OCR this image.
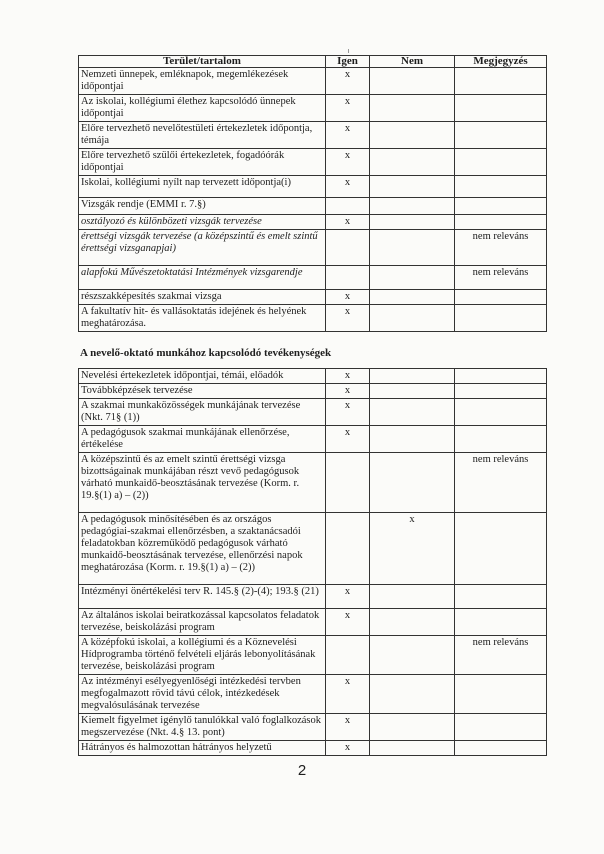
Terület/tartalom	Igen	Nem	Megjegyzés
Nemzeti ünnepek, emléknapok, megemlékezések időpontjai	x		
Az iskolai, kollégiumi élethez kapcsolódó ünnepek időpontjai	x		
Előre tervezhető nevelőtestületi értekezletek időpontja, témája	x		
Előre tervezhető szülői értekezletek, fogadóórák időpontjai	x		
Iskolai, kollégiumi nyílt nap tervezett időpontja(i)	x		
Vizsgák rendje (EMMI r. 7.§)			
osztályozó és különbözeti vizsgák tervezése	x		
érettségi vizsgák tervezése (a középszintű és emelt szintű érettségi vizsganapjai)			nem releváns
alapfokú Művészetoktatási Intézmények vizsgarendje			nem releváns
részszakképesítés szakmai vizsga	x		
A fakultatív hit- és vallásoktatás idejének és helyének meghatározása.	x		
A nevelő-oktató munkához kapcsolódó tevékenységek
Nevelési értekezletek időpontjai, témái, előadók	x		
Továbbképzések tervezése	x		
A szakmai munkaközösségek munkájának tervezése (Nkt. 71§ (1))	x		
A pedagógusok szakmai munkájának ellenőrzése, értékelése	x		
A középszintű és az emelt szintű érettségi vizsga bizottságainak munkájában részt vevő pedagógusok várható munkaidő-beosztásának tervezése (Korm. r. 19.§(1) a) – (2))			nem releváns
A pedagógusok minősítésében és az országos pedagógiai-szakmai ellenőrzésben, a szaktanácsadói feladatokban közreműködő pedagógusok várható munkaidő-beosztásának tervezése, ellenőrzési napok meghatározása (Korm. r. 19.§(1) a) – (2))		x	
Intézményi önértékelési terv R. 145.§ (2)-(4); 193.§ (21)	x		
Az általános iskolai beiratkozással kapcsolatos feladatok tervezése, beiskolázási program	x		
A középfokú iskolai, a kollégiumi és a Köznevelési Hídprogramba történő felvételi eljárás lebonyolításának tervezése, beiskolázási program			nem releváns
Az intézményi esélyegyenlőségi intézkedési tervben megfogalmazott rövid távú célok, intézkedések megvalósulásának tervezése	x		
Kiemelt figyelmet igénylő tanulókkal való foglalkozások megszervezése (Nkt. 4.§ 13. pont)	x		
Hátrányos és halmozottan hátrányos helyzetű	x		
2
